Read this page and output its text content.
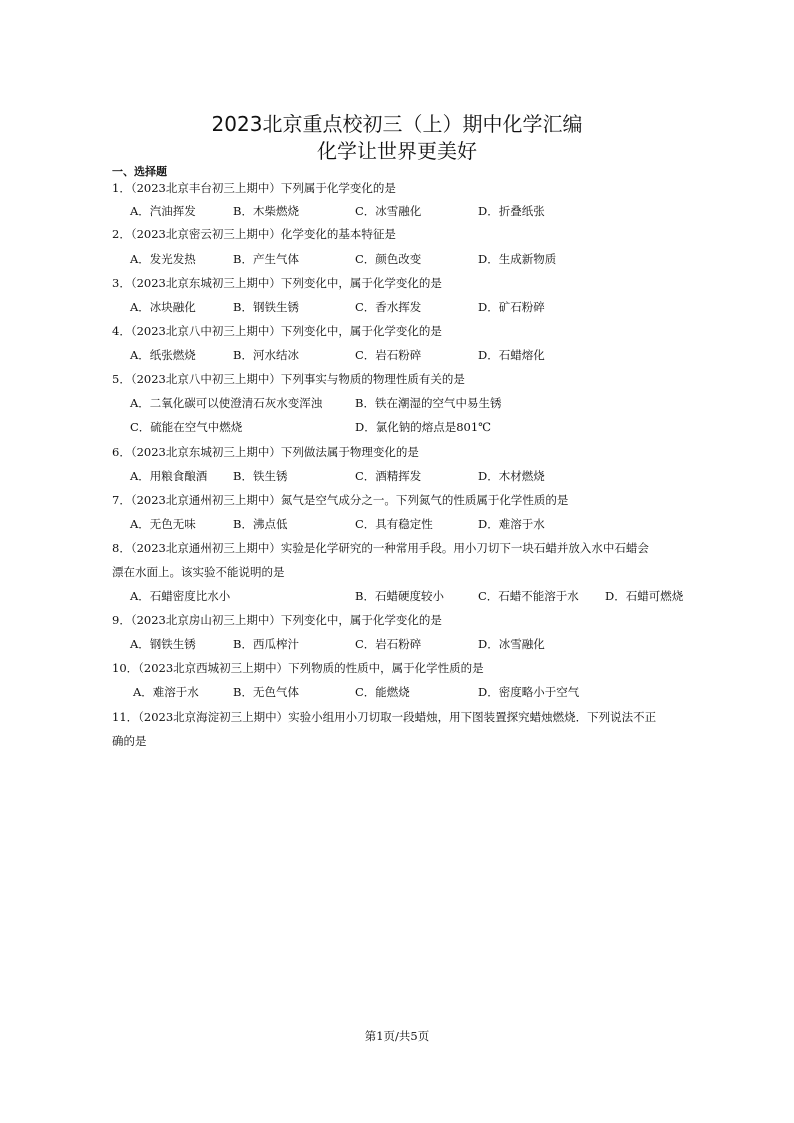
2023北京重点校初三（上）期中化学汇编
化学让世界更美好
一、选择题
1．（2023北京丰台初三上期中）下列属于化学变化的是
A．汽油挥发	B．木柴燃烧	C．冰雪融化	D．折叠纸张
2．（2023北京密云初三上期中）化学变化的基本特征是
A．发光发热	B．产生气体	C．颜色改变	D．生成新物质
3．（2023北京东城初三上期中）下列变化中，属于化学变化的是
A．冰块融化	B．钢铁生锈	C．香水挥发	D．矿石粉碎
4．（2023北京八中初三上期中）下列变化中，属于化学变化的是
A．纸张燃烧	B．河水结冰	C．岩石粉碎	D．石蜡熔化
5．（2023北京八中初三上期中）下列事实与物质的物理性质有关的是
A．二氧化碳可以使澄清石灰水变浑浊	B．铁在潮湿的空气中易生锈
C．硫能在空气中燃烧	D．氯化钠的熔点是801℃
6．（2023北京东城初三上期中）下列做法属于物理变化的是
A．用粮食酿酒 B．铁生锈	C．酒精挥发	D．木材燃烧
7．（2023北京通州初三上期中）氮气是空气成分之一。下列氮气的性质属于化学性质的是
A．无色无味	B．沸点低	C．具有稳定性	D．难溶于水
8．（2023北京通州初三上期中）实验是化学研究的一种常用手段。用小刀切下一块石蜡并放入水中石蜡会
漂在水面上。该实验不能说明的是
A．石蜡密度比水小	B．石蜡硬度较小	C．石蜡不能溶于水 D．石蜡可燃烧
9．（2023北京房山初三上期中）下列变化中，属于化学变化的是
A．钢铁生锈	B．西瓜榨汁	C．岩石粉碎	D．冰雪融化
10．（2023北京西城初三上期中）下列物质的性质中，属于化学性质的是
A．难溶于水	B．无色气体	C．能燃烧	D．密度略小于空气
11．（2023北京海淀初三上期中）实验小组用小刀切取一段蜡烛，用下图装置探究蜡烛燃烧．下列说法不正
确的是
第1页/共5页
